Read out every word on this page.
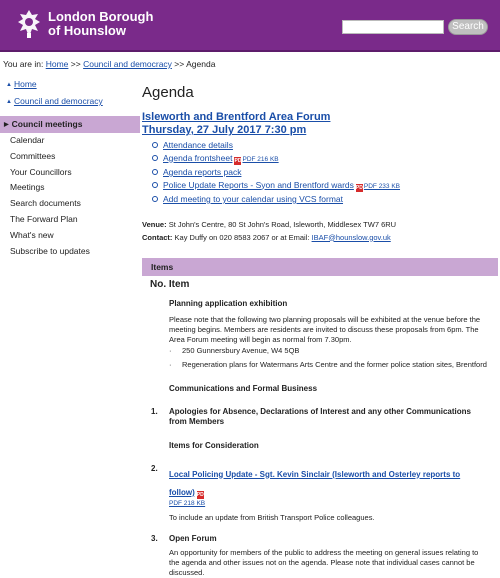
London Borough
of Hounslow	Search
You are in: Home >> Council and democracy >> Agenda
▲ Home
▲ Council and democracy
▶ Council meetings
Calendar
Committees
Your Councillors
Meetings
Search documents
The Forward Plan
What's new
Subscribe to updates
Agenda
Isleworth and Brentford Area Forum
Thursday, 27 July 2017 7:30 pm
Attendance details
Agenda frontsheet PDFPDF 216 KB
Agenda reports pack
Police Update Reports - Syon and Brentford wards PDFPDF 233 KB
Add meeting to your calendar using VCS format
Venue: St John's Centre, 80 St John's Road, Isleworth, Middlesex TW7 6RU
Contact: Kay Duffy on 020 8583 2067 or at Email: IBAF@hounslow.gov.uk
Items
No. Item
Planning application exhibition
Please note that the following two planning proposals will be exhibited at the venue before the meeting begins. Members are residents are invited to discuss these proposals from 6pm. The Area Forum meeting will begin as normal from 7.30pm.
·	250 Gunnersbury Avenue, W4 5QB
·	Regeneration plans for Watermans Arts Centre and the former police station sites, Brentford
Communications and Formal Business
1.	Apologies for Absence, Declarations of Interest and any other Communications from Members
Items for Consideration
2.
Local Policing Update - Sgt. Kevin Sinclair (Isleworth and Osterley reports to follow) PDF
PDF 218 KB
To include an update from British Transport Police colleagues.
3.	Open Forum
An opportunity for members of the public to address the meeting on general issues relating to the agenda and other issues not on the agenda. Please note that individual cases cannot be discussed.
